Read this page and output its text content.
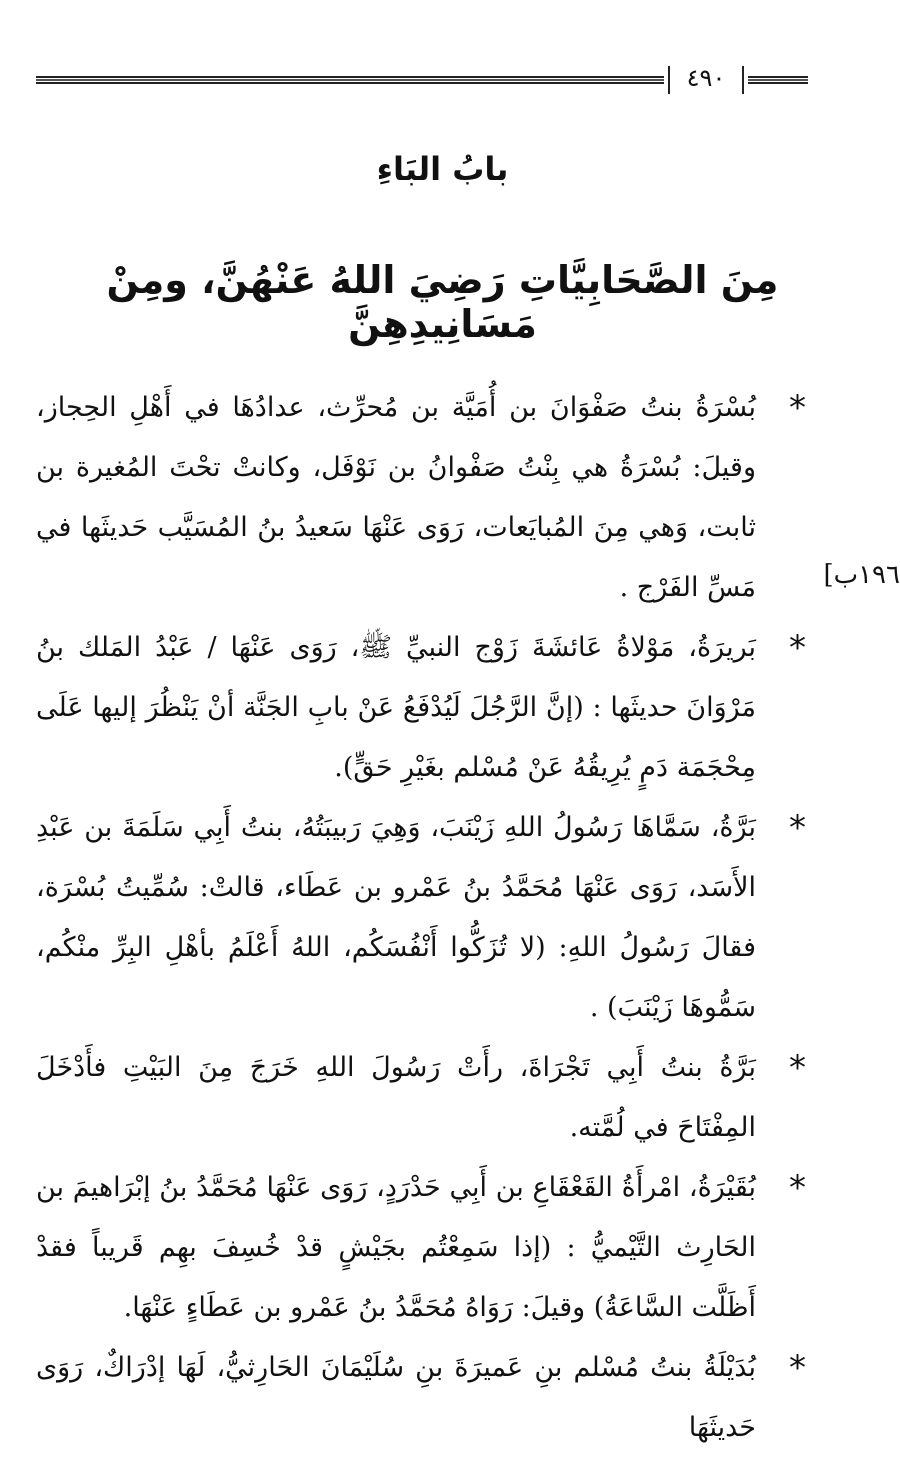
٤٩٠
بابُ البَاءِ
مِنَ الصَّحَابِيَّاتِ رَضِيَ اللهُ عَنْهُنَّ، ومِنْ مَسَانِيدِهِنَّ
١٩٦ب]
*
بُسْرَةُ بنتُ صَفْوَانَ بن أُمَيَّة بن مُحرِّث، عدادُهَا في أَهْلِ الحِجاز، وقيلَ: بُسْرَةُ هي بِنْتُ صَفْوانُ بن نَوْفَل، وكانتْ تحْتَ المُغيرة بن ثابت، وَهي مِنَ المُبايَعات، رَوَى عَنْهَا سَعيدُ بنُ المُسَيَّب حَديثَها في مَسِّ الفَرْج .
*
بَريرَةُ، مَوْلاةُ عَائشَةَ زَوْج النبيِّ ﷺ، رَوَى عَنْهَا / عَبْدُ المَلك بنُ مَرْوَانَ حديثَها : (إنَّ الرَّجُلَ لَيُدْفَعُ عَنْ بابِ الجَنَّة أنْ يَنْظُرَ إليها عَلَى مِحْجَمَة دَمٍ يُرِيقُهُ عَنْ مُسْلم بغَيْرِ حَقٍّ).
*
بَرَّةُ، سَمَّاهَا رَسُولُ اللهِ زَيْنَبَ، وَهِيَ رَبيبَتُهُ، بنتُ أَبِي سَلَمَةَ بن عَبْدِ الأَسَد، رَوَى عَنْهَا مُحَمَّدُ بنُ عَمْرو بن عَطَاء، قالتْ: سُمِّيتُ بُسْرَة، فقالَ رَسُولُ اللهِ: (لا تُزَكُّوا أَنْفُسَكُم، اللهُ أَعْلَمُ بأهْلِ البِرِّ منْكُم، سَمُّوهَا زَيْنَبَ) .
*
بَرَّةُ بنتُ أَبِي تَجْرَاةَ، رأَتْ رَسُولَ اللهِ خَرَجَ مِنَ البَيْتِ فأَدْخَلَ المِفْتَاحَ في لُمَّته.
*
بُقَيْرَةُ، امْرأَةُ القَعْقَاعِ بن أَبِي حَدْرَدٍ، رَوَى عَنْهَا مُحَمَّدُ بنُ إبْرَاهيمَ بن الحَارِث التَّيْميُّ : (إذا سَمِعْتُم بجَيْشٍ قدْ خُسِفَ بهِم قَريباً فقدْ أَظَلَّت السَّاعَةُ) وقيلَ: رَوَاهُ مُحَمَّدُ بنُ عَمْرو بن عَطَاءٍ عَنْهَا.
*
بُدَيْلَةُ بنتُ مُسْلم بنِ عَميرَةَ بنِ سُلَيْمَانَ الحَارِثيُّ، لَهَا إدْرَاكٌ، رَوَى حَديثَهَا
